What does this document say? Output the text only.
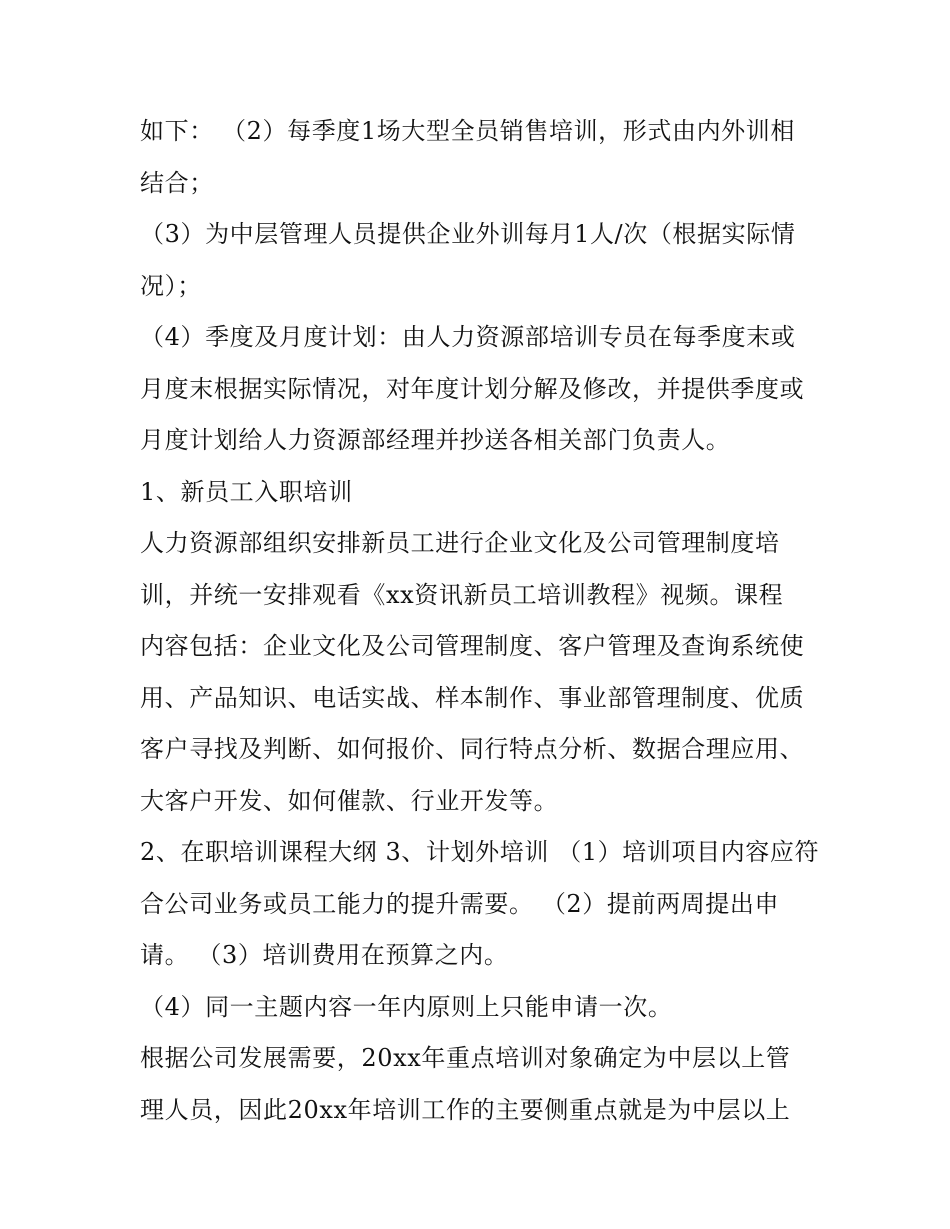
如下： （2）每季度1场大型全员销售培训，形式由内外训相
结合；
（3）为中层管理人员提供企业外训每月1人/次（根据实际情
况）；
（4）季度及月度计划：由人力资源部培训专员在每季度末或
月度末根据实际情况，对年度计划分解及修改，并提供季度或
月度计划给人力资源部经理并抄送各相关部门负责人。
1、新员工入职培训
人力资源部组织安排新员工进行企业文化及公司管理制度培
训，并统一安排观看《xx资讯新员工培训教程》视频。课程
内容包括：企业文化及公司管理制度、客户管理及查询系统使
用、产品知识、电话实战、样本制作、事业部管理制度、优质
客户寻找及判断、如何报价、同行特点分析、数据合理应用、
大客户开发、如何催款、行业开发等。
2、在职培训课程大纲 3、计划外培训 （1）培训项目内容应符
合公司业务或员工能力的提升需要。 （2）提前两周提出申
请。 （3）培训费用在预算之内。
（4）同一主题内容一年内原则上只能申请一次。
根据公司发展需要，20xx年重点培训对象确定为中层以上管
理人员，因此20xx年培训工作的主要侧重点就是为中层以上
